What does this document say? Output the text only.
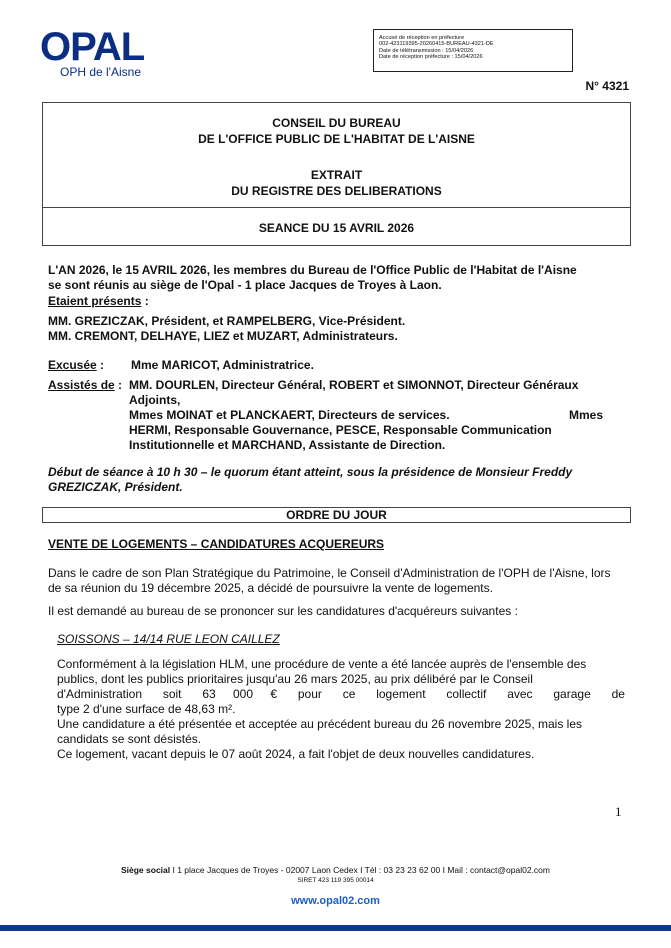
OPAL
OPH de l'Aisne
Accusé de réception en préfecture
002-423119395-20260415-BUREAU-4321-DE
Date de télétransmission : 15/04/2026
Date de réception préfecture : 15/04/2026
N° 4321
CONSEIL DU BUREAU
DE L'OFFICE PUBLIC DE L'HABITAT DE L'AISNE
EXTRAIT
DU REGISTRE DES DELIBERATIONS
SEANCE DU 15 AVRIL 2026
L'AN 2026, le 15 AVRIL 2026, les membres du Bureau de l'Office Public de l'Habitat de l'Aisne
se sont réunis au siège de l'Opal - 1 place Jacques de Troyes à Laon.
Etaient présents :
MM. GREZICZAK, Président, et RAMPELBERG, Vice-Président.
MM. CREMONT, DELHAYE, LIEZ et MUZART, Administrateurs.
Excusée : Mme MARICOT, Administratrice.
Assistés de : MM. DOURLEN, Directeur Général, ROBERT et SIMONNOT, Directeur Généraux
Adjoints,
Mmes MOINAT et PLANCKAERT, Directeurs de services.	Mmes
HERMI, Responsable Gouvernance, PESCE, Responsable Communication
Institutionnelle et MARCHAND, Assistante de Direction.
Début de séance à 10 h 30 – le quorum étant atteint, sous la présidence de Monsieur Freddy
GREZICZAK, Président.
ORDRE DU JOUR
VENTE DE LOGEMENTS – CANDIDATURES ACQUEREURS
Dans le cadre de son Plan Stratégique du Patrimoine, le Conseil d'Administration de l'OPH de l'Aisne, lors
de sa réunion du 19 décembre 2025, a décidé de poursuivre la vente de logements.
Il est demandé au bureau de se prononcer sur les candidatures d'acquéreurs suivantes :
SOISSONS – 14/14 RUE LEON CAILLEZ
Conformément à la législation HLM, une procédure de vente a été lancée auprès de l'ensemble des
publics, dont les publics prioritaires jusqu'au 26 mars 2025, au prix délibéré par le Conseil
d'Administration soit 63 000 € pour ce logement collectif avec garage de
type 2 d'une surface de 48,63 m².
Une candidature a été présentée et acceptée au précédent bureau du 26 novembre 2025, mais les
candidats se sont désistés.
Ce logement, vacant depuis le 07 août 2024, a fait l'objet de deux nouvelles candidatures.
1
Siège social I 1 place Jacques de Troyes - 02007 Laon Cedex I Tél : 03 23 23 62 00 I Mail : contact@opal02.com
SIRET 423 119 395 00014
www.opal02.com
